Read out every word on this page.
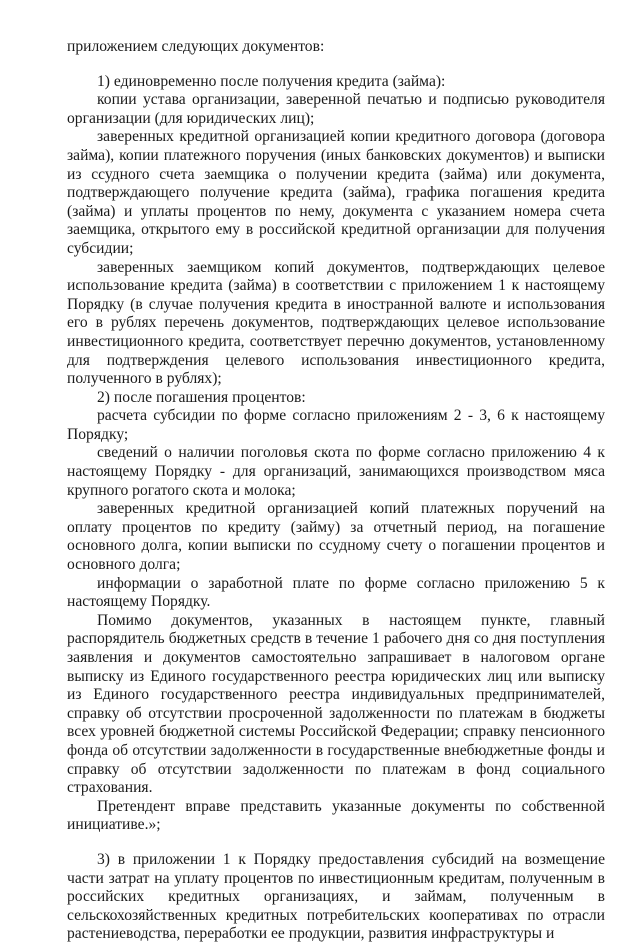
приложением следующих документов:

1) единовременно после получения кредита (займа):

копии устава организации, заверенной печатью и подписью руководителя организации (для юридических лиц);

заверенных кредитной организацией копии кредитного договора (договора займа), копии платежного поручения (иных банковских документов) и выписки из ссудного счета заемщика о получении кредита (займа) или документа, подтверждающего получение кредита (займа), графика погашения кредита (займа) и уплаты процентов по нему, документа с указанием номера счета заемщика, открытого ему в российской кредитной организации для получения субсидии;

заверенных заемщиком копий документов, подтверждающих целевое использование кредита (займа) в соответствии с приложением 1 к настоящему Порядку (в случае получения кредита в иностранной валюте и использования его в рублях перечень документов, подтверждающих целевое использование инвестиционного кредита, соответствует перечню документов, установленному для подтверждения целевого использования инвестиционного кредита, полученного в рублях);

2) после погашения процентов:

расчета субсидии по форме согласно приложениям 2 - 3, 6 к настоящему Порядку;

сведений о наличии поголовья скота по форме согласно приложению 4 к настоящему Порядку - для организаций, занимающихся производством мяса крупного рогатого скота и молока;

заверенных кредитной организацией копий платежных поручений на оплату процентов по кредиту (займу) за отчетный период, на погашение основного долга, копии выписки по ссудному счету о погашении процентов и основного долга;

информации о заработной плате по форме согласно приложению 5 к настоящему Порядку.

Помимо документов, указанных в настоящем пункте, главный распорядитель бюджетных средств в течение 1 рабочего дня со дня поступления заявления и документов самостоятельно запрашивает в налоговом органе выписку из Единого государственного реестра юридических лиц или выписку из Единого государственного реестра индивидуальных предпринимателей, справку об отсутствии просроченной задолженности по платежам в бюджеты всех уровней бюджетной системы Российской Федерации; справку пенсионного фонда об отсутствии задолженности в государственные внебюджетные фонды и справку об отсутствии задолженности по платежам в фонд социального страхования.

Претендент вправе представить указанные документы по собственной инициативе.»;

3) в приложении 1 к Порядку предоставления субсидий на возмещение части затрат на уплату процентов по инвестиционным кредитам, полученным в российских кредитных организациях, и займам, полученным в сельскохозяйственных кредитных потребительских кооперативах по отрасли растениеводства, переработки ее продукции, развития инфраструктуры и
